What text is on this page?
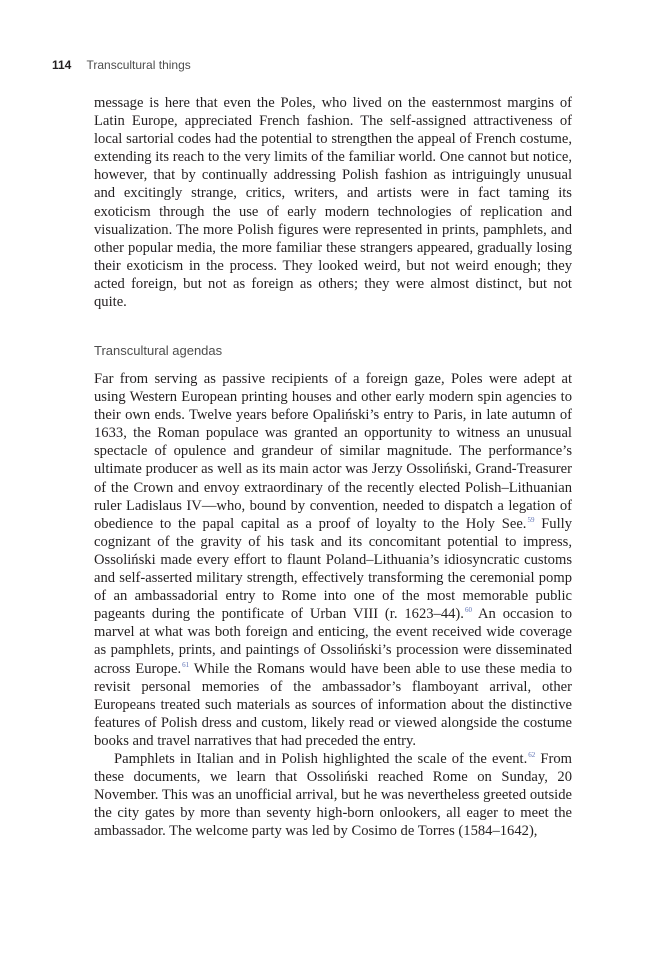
114 Transcultural things

message is here that even the Poles, who lived on the easternmost margins of Latin Europe, appreciated French fashion. The self-assigned attractiveness of local sartorial codes had the potential to strengthen the appeal of French costume, extending its reach to the very limits of the familiar world. One cannot but notice, however, that by continually addressing Polish fashion as intriguingly unusual and excitingly strange, critics, writers, and artists were in fact taming its exoticism through the use of early modern technologies of replication and visualization. The more Polish figures were represented in prints, pamphlets, and other popular media, the more familiar these strangers appeared, gradually losing their exoticism in the process. They looked weird, but not weird enough; they acted foreign, but not as foreign as others; they were almost distinct, but not quite.

Transcultural agendas

Far from serving as passive recipients of a foreign gaze, Poles were adept at using Western European printing houses and other early modern spin agencies to their own ends. Twelve years before Opaliński’s entry to Paris, in late autumn of 1633, the Roman populace was granted an opportunity to witness an unusual spectacle of opulence and grandeur of similar magnitude. The performance’s ultimate producer as well as its main actor was Jerzy Ossoliński, Grand-Treasurer of the Crown and envoy extraordinary of the recently elected Polish–Lithuanian ruler Ladislaus IV—who, bound by convention, needed to dispatch a legation of obedience to the papal capital as a proof of loyalty to the Holy See.$^{59}$ Fully cognizant of the gravity of his task and its concomitant potential to impress, Ossoliński made every effort to flaunt Poland–Lithuania’s idiosyncratic customs and self-asserted military strength, effectively transforming the ceremonial pomp of an ambassadorial entry to Rome into one of the most memorable public pageants during the pontificate of Urban VIII (r. 1623–44).$^{60}$ An occasion to marvel at what was both foreign and enticing, the event received wide coverage as pamphlets, prints, and paintings of Ossoliński’s procession were disseminated across Europe.$^{61}$ While the Romans would have been able to use these media to revisit personal memories of the ambassador’s flamboyant arrival, other Europeans treated such materials as sources of information about the distinctive features of Polish dress and custom, likely read or viewed alongside the costume books and travel narratives that had preceded the entry.

Pamphlets in Italian and in Polish highlighted the scale of the event.$^{62}$ From these documents, we learn that Ossoliński reached Rome on Sunday, 20 November. This was an unofficial arrival, but he was nevertheless greeted outside the city gates by more than seventy high-born onlookers, all eager to meet the ambassador. The welcome party was led by Cosimo de Torres (1584–1642),
